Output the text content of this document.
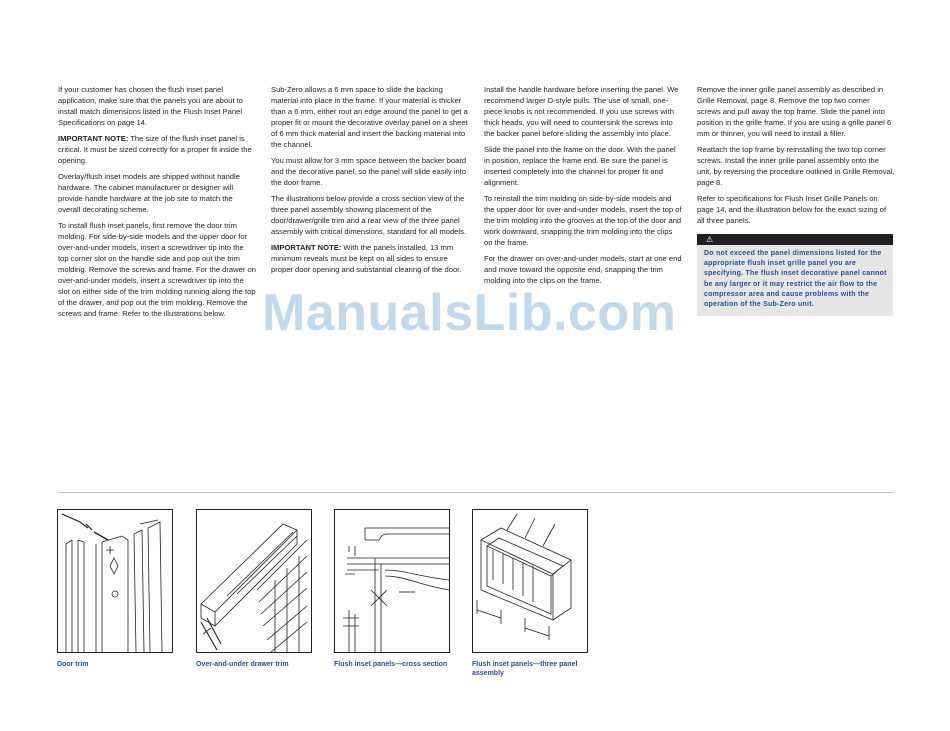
If your customer has chosen the flush inset panel application, make sure that the panels you are about to install match dimensions listed in the Flush Inset Panel Specifications on page 14.

IMPORTANT NOTE: The size of the flush inset panel is critical. It must be sized correctly for a proper fit inside the opening.

Overlay/flush inset models are shipped without handle hardware. The cabinet manufacturer or designer will provide handle hardware at the job site to match the overall decorating scheme.

To install flush inset panels, first remove the door trim molding. For side-by-side models and the upper door for over-and-under models, insert a screwdriver tip into the top corner slot on the handle side and pop out the trim molding. Remove the screws and frame. For the drawer on over-and-under models, insert a screwdriver tip into the slot on either side of the trim molding running along the top of the drawer, and pop out the trim molding. Remove the screws and frame. Refer to the illustrations below.

Sub-Zero allows a 6 mm space to slide the backing material into place in the frame. If your material is thicker than a 6 mm, either rout an edge around the panel to get a proper fit or mount the decorative overlay panel on a sheet of 6 mm thick material and insert the backing material into the channel.

You must allow for 3 mm space between the backer board and the decorative panel, so the panel will slide easily into the door frame.

The illustrations below provide a cross section view of the three panel assembly showing placement of the door/drawer/grille trim and a rear view of the three panel assembly with critical dimensions, standard for all models.

IMPORTANT NOTE: With the panels installed, 13 mm minimum reveals must be kept on all sides to ensure proper door opening and substantial clearing of the door.

Install the handle hardware before inserting the panel. We recommend larger D-style pulls. The use of small, one-piece knobs is not recommended. If you use screws with thick heads, you will need to countersink the screws into the backer panel before sliding the assembly into place.

Slide the panel into the frame on the door. With the panel in position, replace the frame end. Be sure the panel is inserted completely into the channel for proper fit and alignment.

To reinstall the trim molding on side-by-side models and the upper door for over-and-under models, insert the top of the trim molding into the grooves at the top of the door and work downward, snapping the trim molding into the clips on the frame.

For the drawer on over-and-under models, start at one end and move toward the opposite end, snapping the trim molding into the clips on the frame.

Remove the inner grille panel assembly as described in Grille Removal, page 8. Remove the top two corner screws and pull away the top frame. Slide the panel into position in the grille frame. If you are using a grille panel 6 mm or thinner, you will need to install a filler.

Reattach the top frame by reinstalling the two top corner screws. Install the inner grille panel assembly onto the unit, by reversing the procedure outlined in Grille Removal, page 8.

Refer to specifications for Flush Inset Grille Panels on page 14, and the illustration below for the exact sizing of all three panels.

⚠
Do not exceed the panel dimensions listed for the appropriate flush inset grille panel you are specifying. The flush inset decorative panel cannot be any larger or it may restrict the air flow to the compressor area and cause problems with the operation of the Sub-Zero unit.
ManualsLib.com
Door trim	Over-and-under drawer trim	Flush inset panels—cross section	Flush inset panels—three panel assembly
